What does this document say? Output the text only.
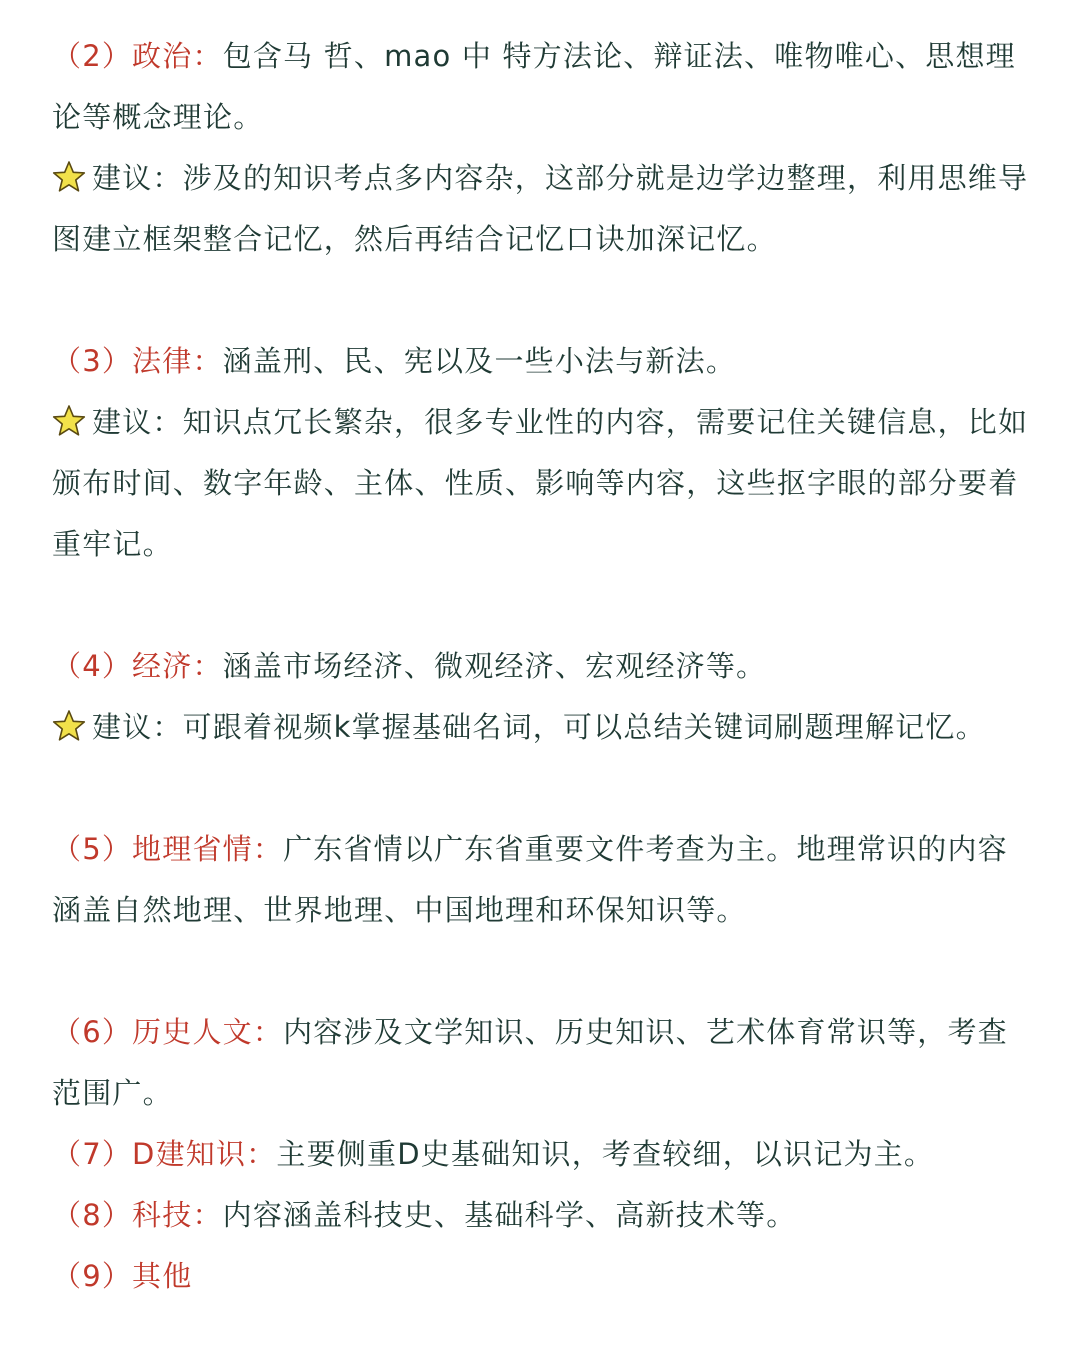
（2）政治：包含马 哲、mao 中 特方法论、辩证法、唯物唯心、思想理论等概念理论。

建议：涉及的知识考点多内容杂，这部分就是边学边整理，利用思维导图建立框架整合记忆，然后再结合记忆口诀加深记忆。

（3）法律：涵盖刑、民、宪以及一些小法与新法。

建议：知识点冗长繁杂，很多专业性的内容，需要记住关键信息，比如颁布时间、数字年龄、主体、性质、影响等内容，这些抠字眼的部分要着重牢记。

（4）经济：涵盖市场经济、微观经济、宏观经济等。

建议：可跟着视频k掌握基础名词，可以总结关键词刷题理解记忆。

（5）地理省情：广东省情以广东省重要文件考查为主。地理常识的内容涵盖自然地理、世界地理、中国地理和环保知识等。

（6）历史人文：内容涉及文学知识、历史知识、艺术体育常识等，考查范围广。

（7）D建知识：主要侧重D史基础知识，考查较细，以识记为主。

（8）科技：内容涵盖科技史、基础科学、高新技术等。

（9）其他
